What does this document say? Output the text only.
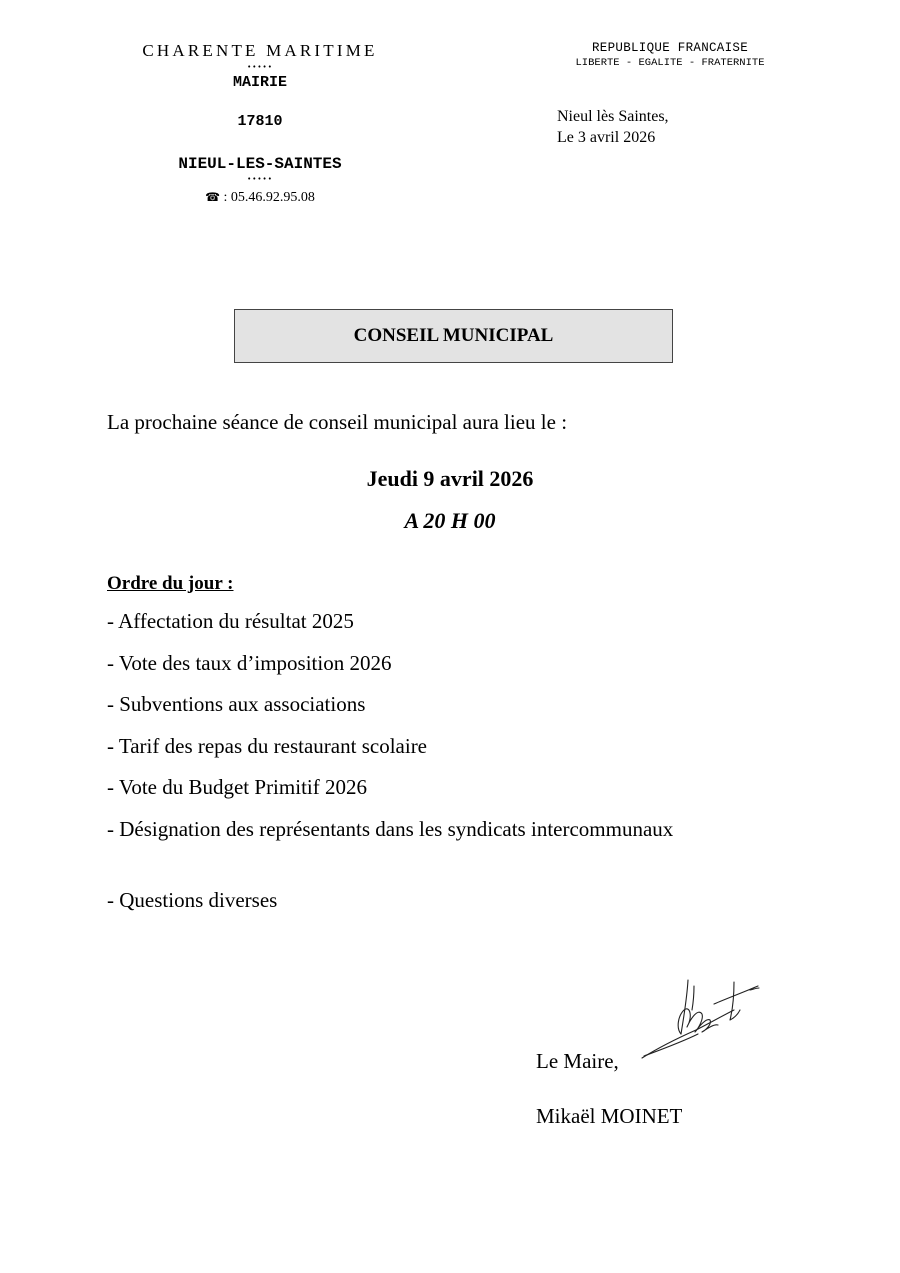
CHARENTE MARITIME
•••••
MAIRIE
17810
NIEUL-LES-SAINTES
•••••
☎ : 05.46.92.95.08
REPUBLIQUE FRANCAISE
LIBERTE - EGALITE - FRATERNITE
Nieul lès Saintes,
Le 3 avril 2026
CONSEIL MUNICIPAL
La prochaine séance de conseil municipal aura lieu le :
Jeudi 9 avril 2026
A 20 H 00
Ordre du jour :
- Affectation du résultat 2025
- Vote des taux d’imposition 2026
- Subventions aux associations
- Tarif des repas du restaurant scolaire
- Vote du Budget Primitif 2026
- Désignation des représentants dans les syndicats intercommunaux
- Questions diverses
Le Maire,
Mikaël MOINET
